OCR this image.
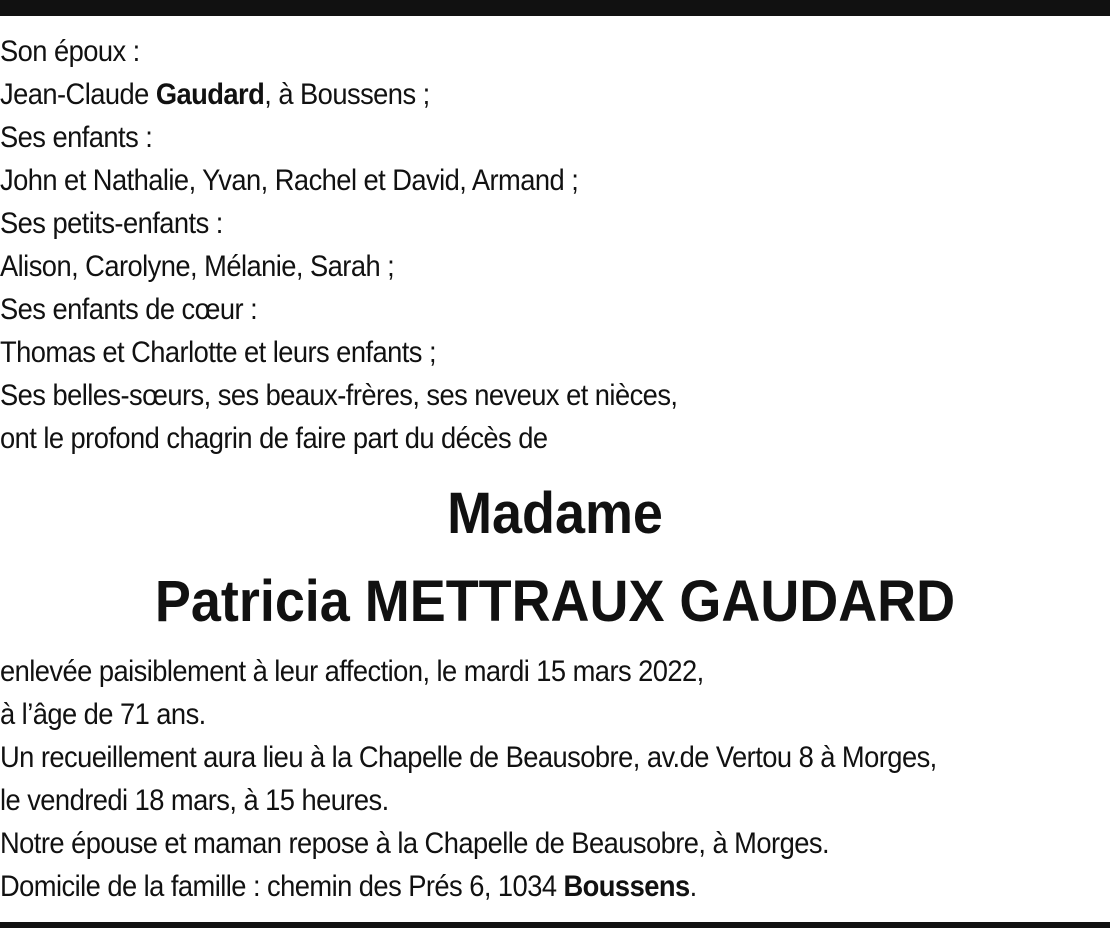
Son époux :
Jean-Claude Gaudard, à Boussens ;
Ses enfants :
John et Nathalie, Yvan, Rachel et David, Armand ;
Ses petits-enfants :
Alison, Carolyne, Mélanie, Sarah ;
Ses enfants de cœur :
Thomas et Charlotte et leurs enfants ;
Ses belles-sœurs, ses beaux-frères, ses neveux et nièces,
ont le profond chagrin de faire part du décès de
Madame
Patricia METTRAUX GAUDARD
enlevée paisiblement à leur affection, le mardi 15 mars 2022,
à l’âge de 71 ans.
Un recueillement aura lieu à la Chapelle de Beausobre, av.de Vertou 8 à Morges,
le vendredi 18 mars, à 15 heures.
Notre épouse et maman repose à la Chapelle de Beausobre, à Morges.
Domicile de la famille : chemin des Prés 6, 1034 Boussens.
